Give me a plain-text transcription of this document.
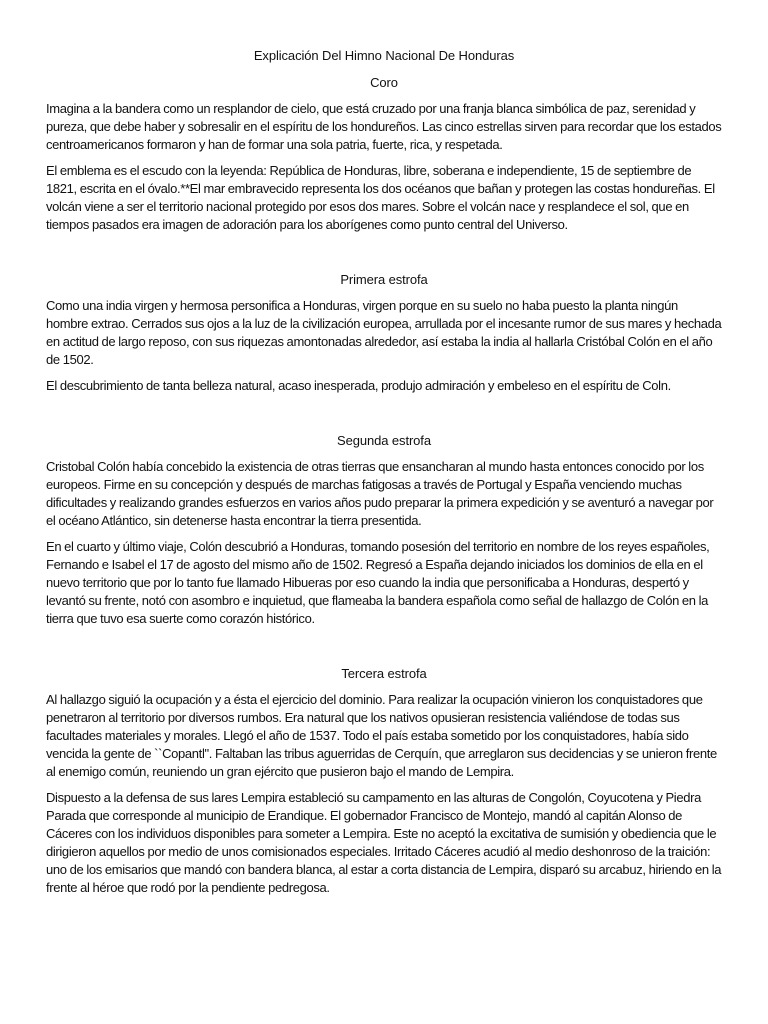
Explicación Del Himno Nacional De Honduras
Coro

Imagina a la bandera como un resplandor de cielo, que está cruzado por una franja blanca simbólica de paz, serenidad y pureza, que debe haber y sobresalir en el espíritu de los hondureños. Las cinco estrellas sirven para recordar que los estados centroamericanos formaron y han de formar una sola patria, fuerte, rica, y respetada.

El emblema es el escudo con la leyenda: República de Honduras, libre, soberana e independiente, 15 de septiembre de 1821, escrita en el óvalo.**El mar embravecido representa los dos océanos que bañan y protegen las costas hondureñas. El volcán viene a ser el territorio nacional protegido por esos dos mares. Sobre el volcán nace y resplandece el sol, que en tiempos pasados era imagen de adoración para los aborígenes como punto central del Universo.

Primera estrofa

Como una india virgen y hermosa personifica a Honduras, virgen porque en su suelo no haba puesto la planta ningún hombre extrao. Cerrados sus ojos a la luz de la civilización europea, arrullada por el incesante rumor de sus mares y hechada en actitud de largo reposo, con sus riquezas amontonadas alrededor, así estaba la india al hallarla Cristóbal Colón en el año de 1502.

El descubrimiento de tanta belleza natural, acaso inesperada, produjo admiración y embeleso en el espíritu de Coln.

Segunda estrofa

Cristobal Colón había concebido la existencia de otras tierras que ensancharan al mundo hasta entonces conocido por los europeos. Firme en su concepción y después de marchas fatigosas a través de Portugal y España venciendo muchas dificultades y realizando grandes esfuerzos en varios años pudo preparar la primera expedición y se aventuró a navegar por el océano Atlántico, sin detenerse hasta encontrar la tierra presentida.

En el cuarto y último viaje, Colón descubrió a Honduras, tomando posesión del territorio en nombre de los reyes españoles, Fernando e Isabel el 17 de agosto del mismo año de 1502. Regresó a España dejando iniciados los dominios de ella en el nuevo territorio que por lo tanto fue llamado Hibueras por eso cuando la india que personificaba a Honduras, despertó y levantó su frente, notó con asombro e inquietud, que flameaba la bandera española como señal de hallazgo de Colón en la tierra que tuvo esa suerte como corazón histórico.

Tercera estrofa

Al hallazgo siguió la ocupación y a ésta el ejercicio del dominio. Para realizar la ocupación vinieron los conquistadores que penetraron al territorio por diversos rumbos. Era natural que los nativos opusieran resistencia valiéndose de todas sus facultades materiales y morales. Llegó el año de 1537. Todo el país estaba sometido por los conquistadores, había sido vencida la gente de ``Copantl". Faltaban las tribus aguerridas de Cerquín, que arreglaron sus decidencias y se unieron frente al enemigo común, reuniendo un gran ejército que pusieron bajo el mando de Lempira.

Dispuesto a la defensa de sus lares Lempira estableció su campamento en las alturas de Congolón, Coyucotena y Piedra Parada que corresponde al municipio de Erandique. El gobernador Francisco de Montejo, mandó al capitán Alonso de Cáceres con los individuos disponibles para someter a Lempira. Este no aceptó la excitativa de sumisión y obediencia que le dirigieron aquellos por medio de unos comisionados especiales. Irritado Cáceres acudió al medio deshonroso de la traición: uno de los emisarios que mandó con bandera blanca, al estar a corta distancia de Lempira, disparó su arcabuz, hiriendo en la frente al héroe que rodó por la pendiente pedregosa.
